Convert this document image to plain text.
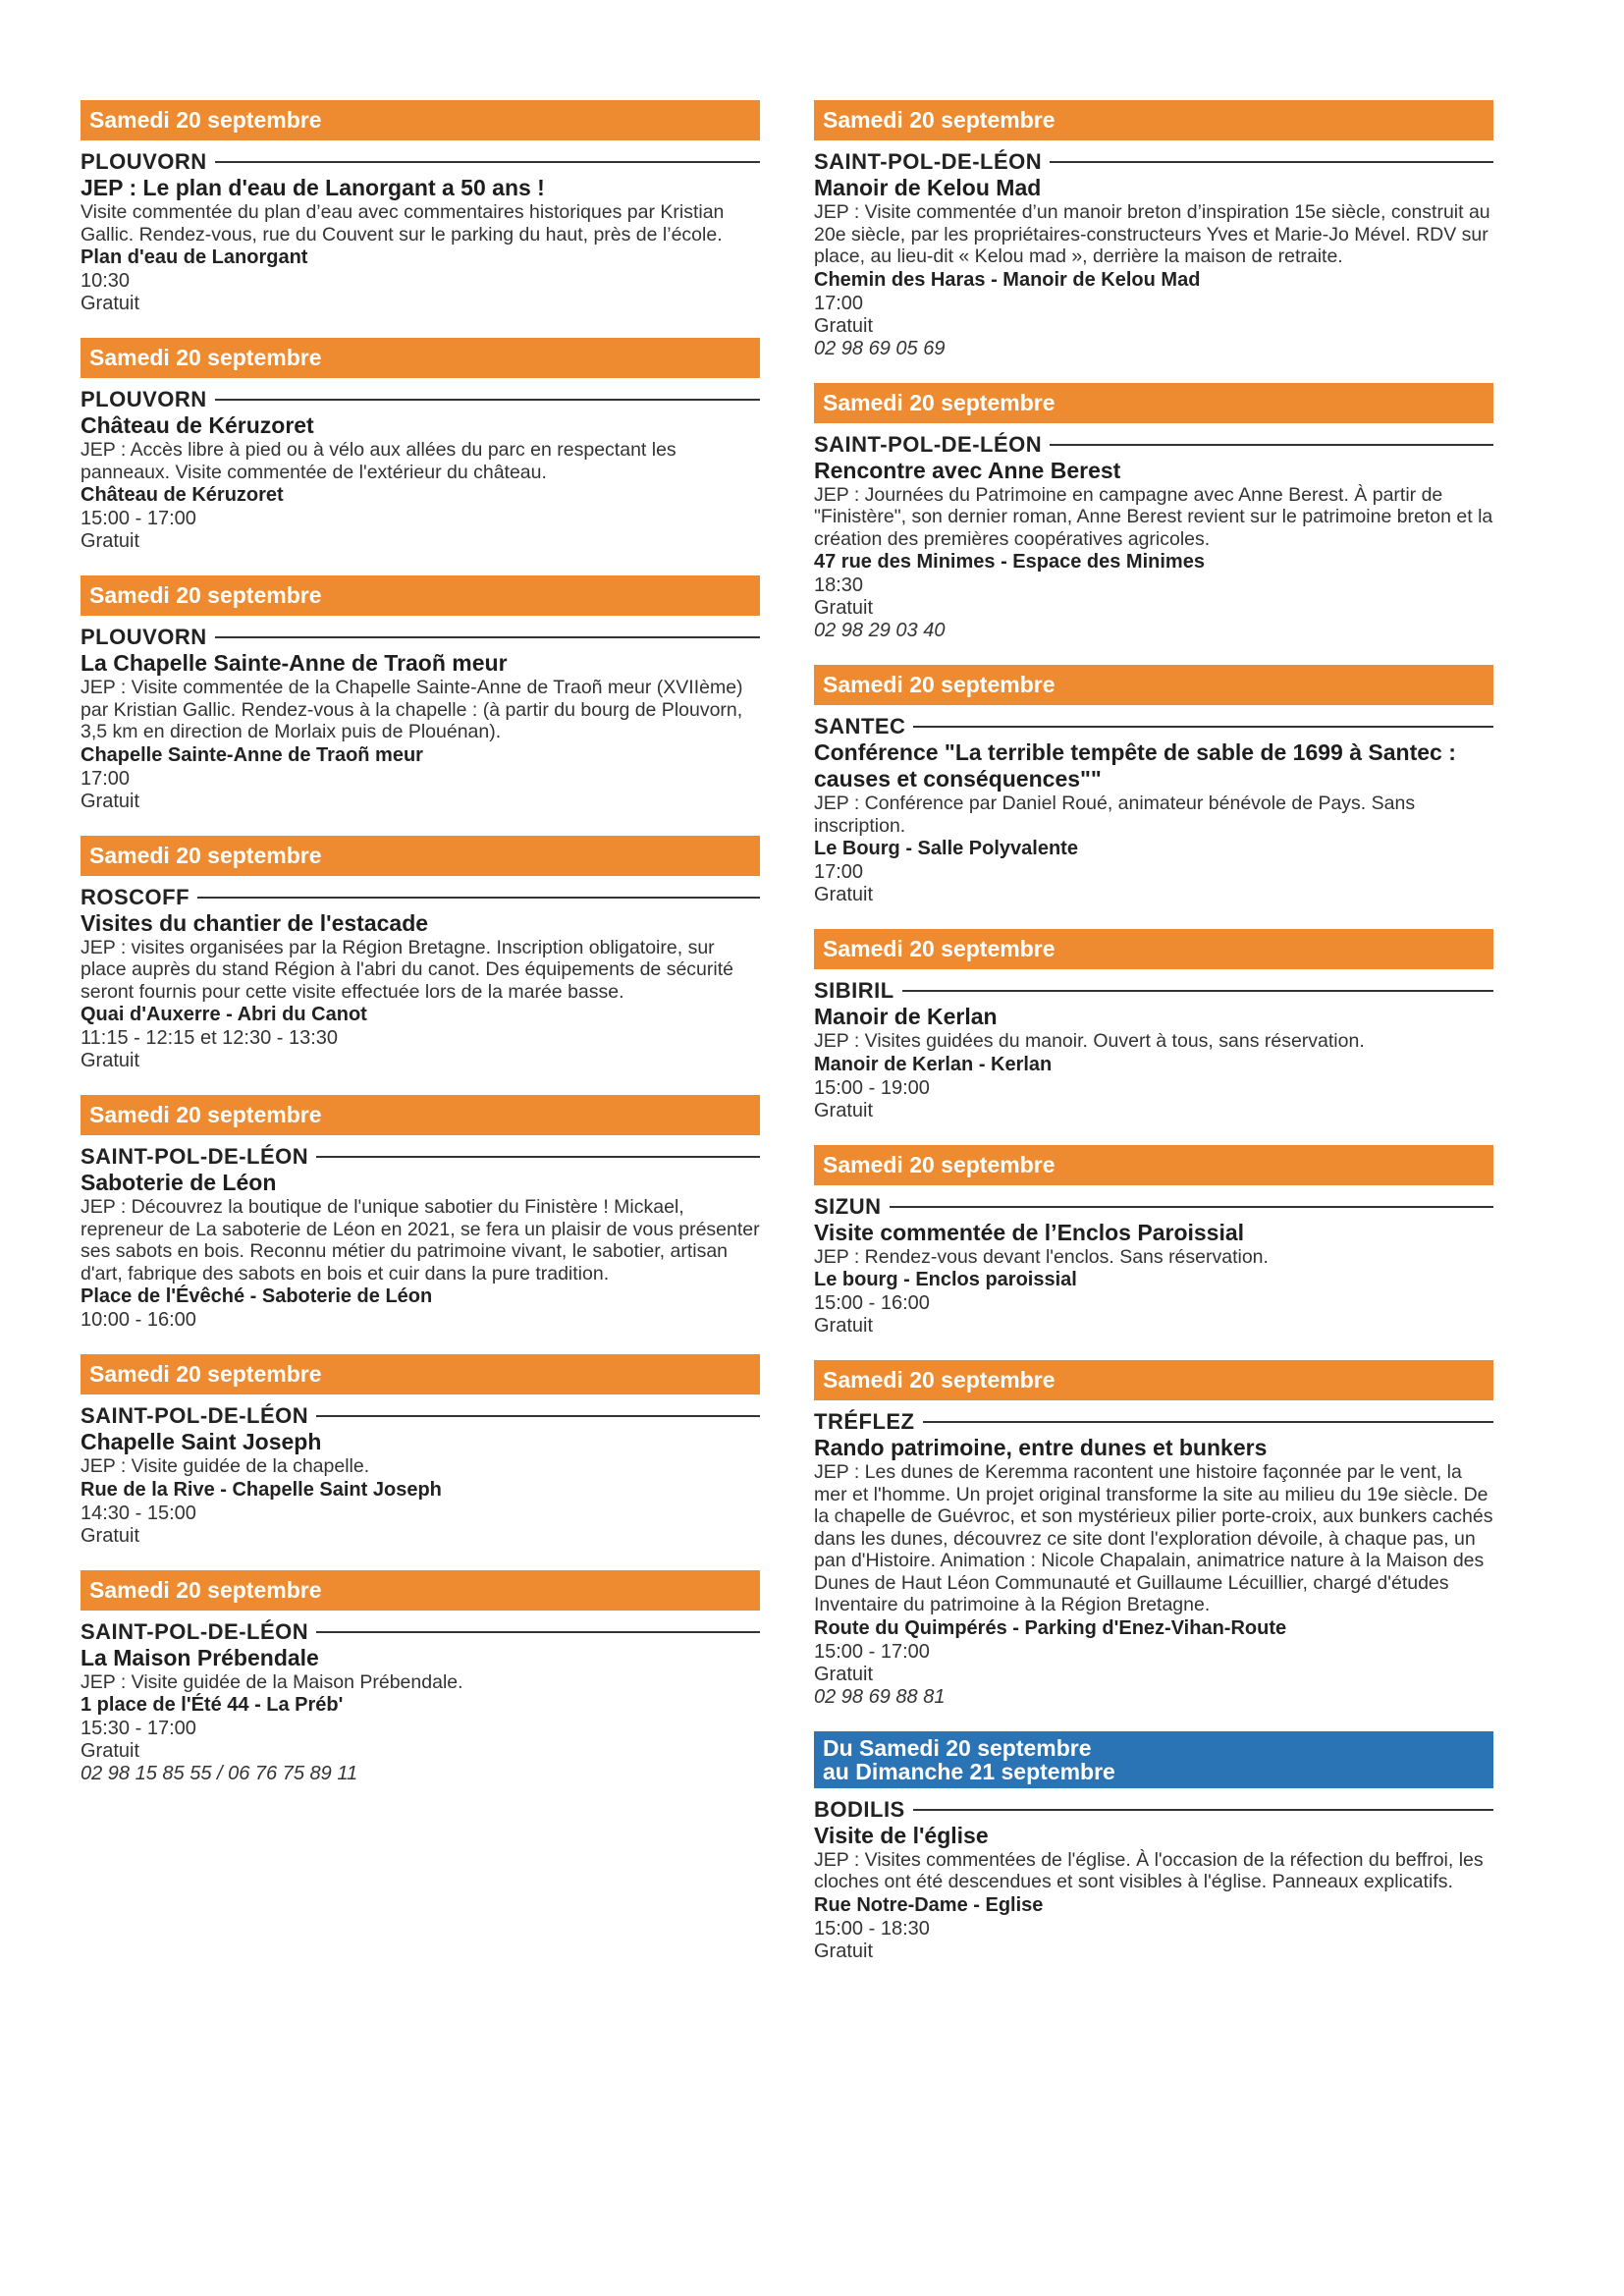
Samedi 20 septembre
PLOUVORN
JEP : Le plan d'eau de Lanorgant a 50 ans !
Visite commentée du plan d’eau avec commentaires historiques par Kristian Gallic. Rendez-vous, rue du Couvent sur le parking du haut, près de l’école.
Plan d'eau de Lanorgant
10:30
Gratuit
Samedi 20 septembre
PLOUVORN
Château de Kéruzoret
JEP : Accès libre à pied ou à vélo aux allées du parc en respectant les panneaux. Visite commentée de l'extérieur du château.
Château de Kéruzoret
15:00 - 17:00
Gratuit
Samedi 20 septembre
PLOUVORN
La Chapelle Sainte-Anne de Traoñ meur
JEP : Visite commentée de la Chapelle Sainte-Anne de Traoñ meur (XVIIème) par Kristian Gallic. Rendez-vous à la chapelle : (à partir du bourg de Plouvorn, 3,5 km en direction de Morlaix puis de Plouénan).
Chapelle Sainte-Anne de Traoñ meur
17:00
Gratuit
Samedi 20 septembre
ROSCOFF
Visites du chantier de l'estacade
JEP : visites organisées par la Région Bretagne. Inscription obligatoire, sur place auprès du stand Région à l'abri du canot. Des équipements de sécurité seront fournis pour cette visite effectuée lors de la marée basse.
Quai d'Auxerre - Abri du Canot
11:15 - 12:15 et 12:30 - 13:30
Gratuit
Samedi 20 septembre
SAINT-POL-DE-LÉON
Saboterie de Léon
JEP : Découvrez la boutique de l'unique sabotier du Finistère ! Mickael, repreneur de La saboterie de Léon en 2021, se fera un plaisir de vous présenter ses sabots en bois. Reconnu métier du patrimoine vivant, le sabotier, artisan d'art, fabrique des sabots en bois et cuir dans la pure tradition.
Place de l'Évêché - Saboterie de Léon
10:00 - 16:00
Samedi 20 septembre
SAINT-POL-DE-LÉON
Chapelle Saint Joseph
JEP : Visite guidée de la chapelle.
Rue de la Rive - Chapelle Saint Joseph
14:30 - 15:00
Gratuit
Samedi 20 septembre
SAINT-POL-DE-LÉON
La Maison Prébendale
JEP : Visite guidée de la Maison Prébendale.
1 place de l'Été 44 - La Préb'
15:30 - 17:00
Gratuit
02 98 15 85 55 / 06 76 75 89 11
Samedi 20 septembre
SAINT-POL-DE-LÉON
Manoir de Kelou Mad
JEP : Visite commentée d’un manoir breton d’inspiration 15e siècle, construit au 20e siècle, par les propriétaires-constructeurs Yves et Marie-Jo Mével. RDV sur place, au lieu-dit « Kelou mad », derrière la maison de retraite.
Chemin des Haras - Manoir de Kelou Mad
17:00
Gratuit
02 98 69 05 69
Samedi 20 septembre
SAINT-POL-DE-LÉON
Rencontre avec Anne Berest
JEP : Journées du Patrimoine en campagne avec Anne Berest. À partir de "Finistère", son dernier roman, Anne Berest revient sur le patrimoine breton et la création des premières coopératives agricoles.
47 rue des Minimes - Espace des Minimes
18:30
Gratuit
02 98 29 03 40
Samedi 20 septembre
SANTEC
Conférence "La terrible tempête de sable de 1699 à Santec : causes et conséquences""
JEP : Conférence par Daniel Roué, animateur bénévole de Pays. Sans inscription.
Le Bourg - Salle Polyvalente
17:00
Gratuit
Samedi 20 septembre
SIBIRIL
Manoir de Kerlan
JEP : Visites guidées du manoir. Ouvert à tous, sans réservation.
Manoir de Kerlan - Kerlan
15:00 - 19:00
Gratuit
Samedi 20 septembre
SIZUN
Visite commentée de l’Enclos Paroissial
JEP : Rendez-vous devant l'enclos. Sans réservation.
Le bourg - Enclos paroissial
15:00 - 16:00
Gratuit
Samedi 20 septembre
TRÉFLEZ
Rando patrimoine, entre dunes et bunkers
JEP : Les dunes de Keremma racontent une histoire façonnée par le vent, la mer et l'homme. Un projet original transforme la site au milieu du 19e siècle. De la chapelle de Guévroc, et son mystérieux pilier porte-croix, aux bunkers cachés dans les dunes, découvrez ce site dont l'exploration dévoile, à chaque pas, un pan d'Histoire. Animation : Nicole Chapalain, animatrice nature à la Maison des Dunes de Haut Léon Communauté et Guillaume Lécuillier, chargé d'études Inventaire du patrimoine à la Région Bretagne.
Route du Quimpérés - Parking d'Enez-Vihan-Route
15:00 - 17:00
Gratuit
02 98 69 88 81
Du Samedi 20 septembre
au Dimanche 21 septembre
BODILIS
Visite de l'église
JEP : Visites commentées de l'église. À l'occasion de la réfection du beffroi, les cloches ont été descendues et sont visibles à l'église. Panneaux explicatifs.
Rue Notre-Dame - Eglise
15:00 - 18:30
Gratuit
